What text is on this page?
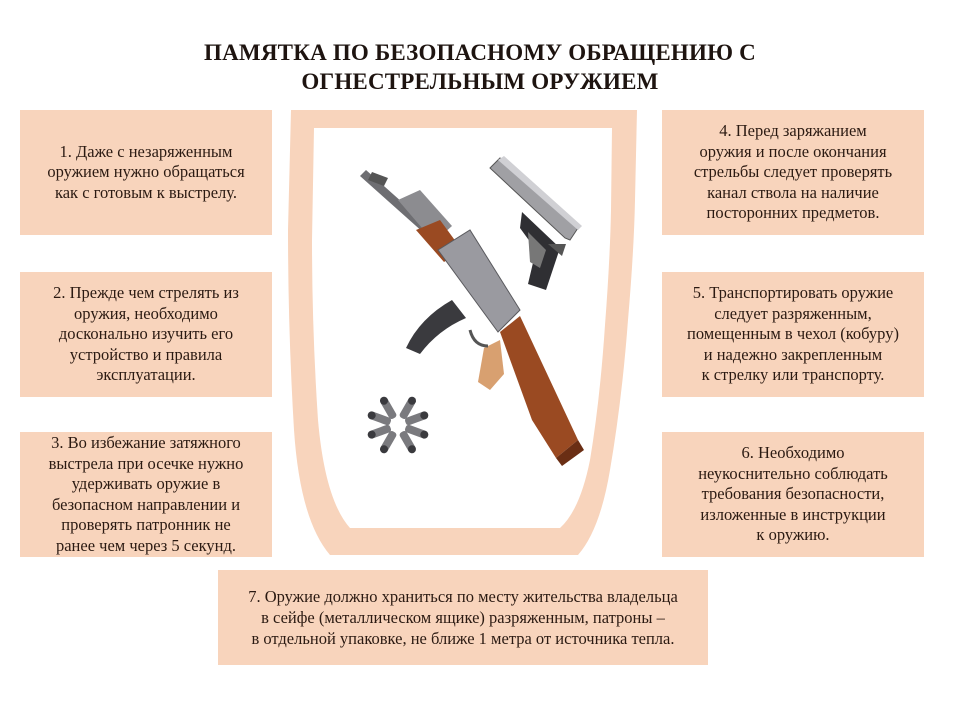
ПАМЯТКА ПО БЕЗОПАСНОМУ ОБРАЩЕНИЮ С
ОГНЕСТРЕЛЬНЫМ ОРУЖИЕМ
1. Даже с незаряженным
оружием нужно обращаться
как с готовым к выстрелу.
2. Прежде чем стрелять из
оружия, необходимо
досконально изучить его
устройство и правила
эксплуатации.
3. Во избежание затяжного
выстрела при осечке нужно
удерживать оружие в
безопасном направлении и
проверять патронник не
ранее чем через 5 секунд.
4. Перед заряжанием
оружия и после окончания
стрельбы следует проверять
канал ствола на наличие
посторонних предметов.
5. Транспортировать оружие
следует разряженным,
помещенным в чехол (кобуру)
и надежно закрепленным
к стрелку или транспорту.
6. Необходимо
неукоснительно соблюдать
требования безопасности,
изложенные в инструкции
к оружию.
7. Оружие должно храниться по месту жительства владельца
в сейфе (металлическом ящике) разряженным, патроны –
в отдельной упаковке, не ближе 1 метра от источника тепла.
